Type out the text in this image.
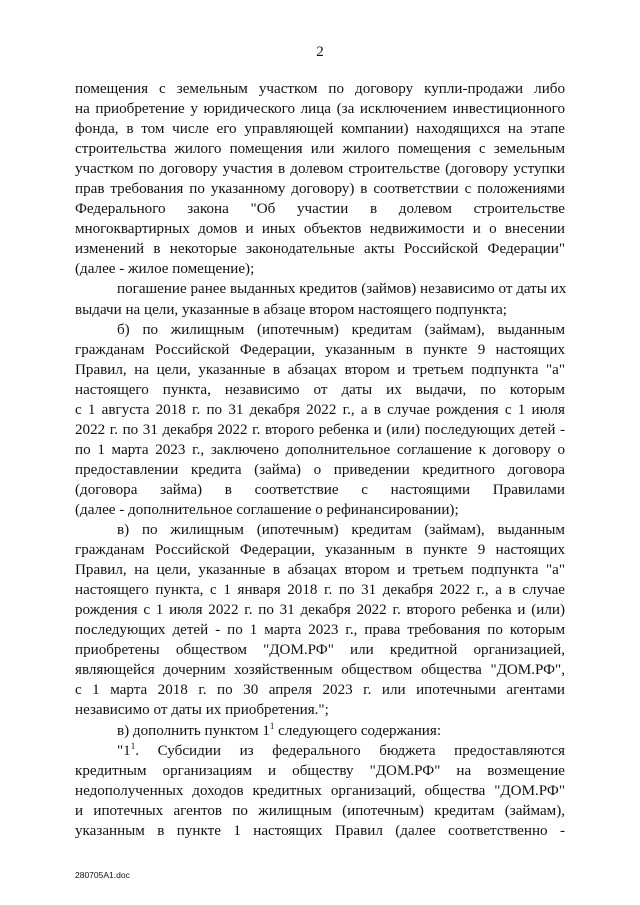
2
помещения с земельным участком по договору купли-продажи либо
на приобретение у юридического лица (за исключением инвестиционного
фонда, в том числе его управляющей компании) находящихся на этапе
строительства жилого помещения или жилого помещения с земельным
участком по договору участия в долевом строительстве (договору уступки
прав требования по указанному договору) в соответствии с положениями
Федерального закона "Об участии в долевом строительстве
многоквартирных домов и иных объектов недвижимости и о внесении
изменений в некоторые законодательные акты Российской Федерации"
(далее - жилое помещение);
погашение ранее выданных кредитов (займов) независимо от даты их
выдачи на цели, указанные в абзаце втором настоящего подпункта;
б) по жилищным (ипотечным) кредитам (займам), выданным
гражданам Российской Федерации, указанным в пункте 9 настоящих
Правил, на цели, указанные в абзацах втором и третьем подпункта "а"
настоящего пункта, независимо от даты их выдачи, по которым
с 1 августа 2018 г. по 31 декабря 2022 г., а в случае рождения с 1 июля
2022 г. по 31 декабря 2022 г. второго ребенка и (или) последующих детей -
по 1 марта 2023 г., заключено дополнительное соглашение к договору о
предоставлении кредита (займа) о приведении кредитного договора
(договора займа) в соответствие с настоящими Правилами
(далее - дополнительное соглашение о рефинансировании);
в) по жилищным (ипотечным) кредитам (займам), выданным
гражданам Российской Федерации, указанным в пункте 9 настоящих
Правил, на цели, указанные в абзацах втором и третьем подпункта "а"
настоящего пункта, с 1 января 2018 г. по 31 декабря 2022 г., а в случае
рождения с 1 июля 2022 г. по 31 декабря 2022 г. второго ребенка и (или)
последующих детей - по 1 марта 2023 г., права требования по которым
приобретены обществом "ДОМ.РФ" или кредитной организацией,
являющейся дочерним хозяйственным обществом общества "ДОМ.РФ",
с 1 марта 2018 г. по 30 апреля 2023 г. или ипотечными агентами
независимо от даты их приобретения.";
в) дополнить пунктом $1^1$ следующего содержания:
"$1^1$. Субсидии из федерального бюджета предоставляются
кредитным организациям и обществу "ДОМ.РФ" на возмещение
недополученных доходов кредитных организаций, общества "ДОМ.РФ"
и ипотечных агентов по жилищным (ипотечным) кредитам (займам),
указанным в пункте 1 настоящих Правил (далее соответственно -
280705A1.doc
